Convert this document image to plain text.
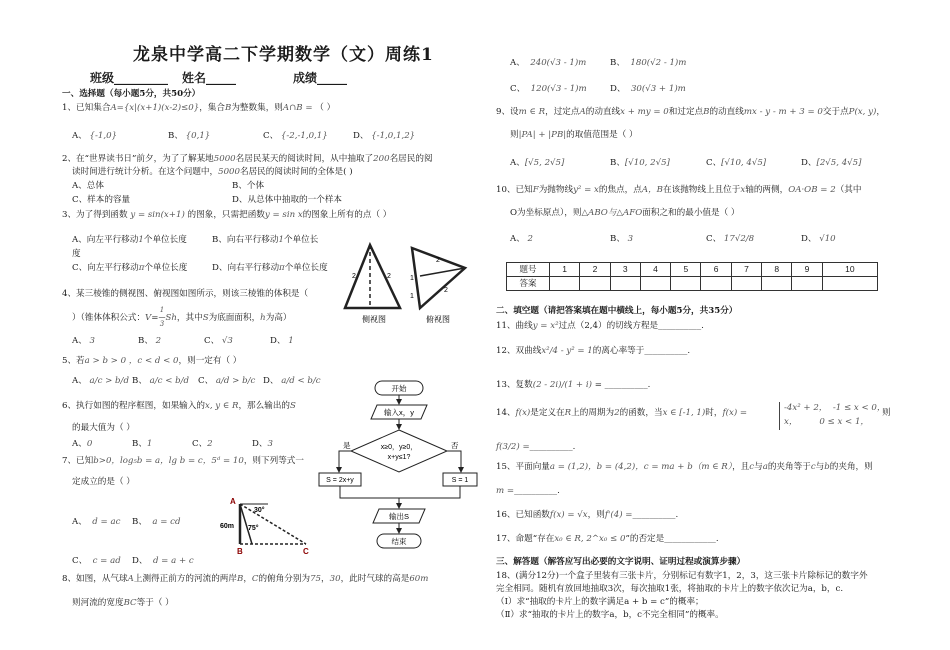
龙泉中学高二下学期数学（文）周练1
班级_________ 姓名_____	成绩_____
一、选择题（每小题5分，共50分）
1、已知集合A={x|(x+1)(x-2)≤0}，集合B为整数集，则A∩B = （ ）
A、 {-1,0}	B、 {0,1}	C、 {-2,-1,0,1}	D、 {-1,0,1,2}
2、在“世界读书日”前夕，为了了解某地5000名居民某天的阅读时间，从中抽取了200名居民的阅
读时间进行统计分析。在这个问题中，5000名居民的阅读时间的全体是( )
A、总体	B、个体
C、样本的容量	D、从总体中抽取的一个样本
3、为了得到函数 y = sin(x+1) 的图象，只需把函数y = sin x的图象上所有的点（ ）
A、向左平行移动1个单位长度	B、向右平行移动1个单位长
度
C、向左平行移动π个单位长度	D、向右平行移动π个单位长度
4、某三棱锥的侧视图、俯视图如图所示，则该三棱锥的体积是（
）（锥体体积公式：V=1
—
3Sh，其中S为底面面积，h为高）
A、 3	B、 2	C、 √3	D、 1
5、若a > b > 0 ，c < d < 0，则一定有（ ）
A、 a/c > b/d B、 a/c < b/d C、 a/d > b/c D、 a/d < b/c
6、执行如图的程序框图，如果输入的x, y ∈ R，那么输出的S
的最大值为（ ）
A、0	B、1	C、2	D、3
7、已知b>0，log₅b = a，lg b = c，5ᵈ = 10，则下列等式一
定成立的是（ ）
A、 d = ac B、 a = cd
C、 c = ad D、 d = a + c
8、如图，从气球A上测得正前方的河流的两岸B，C的俯角分别为75，30，此时气球的高是60m
则河流的宽度BC等于（ ）
2	2
2
2
1
1
侧视图	俯视图
开始
输入x，y
x≥0，y≥0，
x+y≤1?
是	否
S = 2x+y	S = 1
输出S
结束
A
B	C
60m
30°
75°
A、 240(√3 - 1)m	B、 180(√2 - 1)m
C、 120(√3 - 1)m	D、 30(√3 + 1)m
9、设m ∈ R，过定点A的动直线x + my = 0和过定点B的动直线mx - y - m + 3 = 0交于点P(x, y)，
则|PA| + |PB|的取值范围是（ ）
A、[√5, 2√5]	B、[√10, 2√5]	C、[√10, 4√5]	D、[2√5, 4√5]
10、已知F为抛物线y² = x的焦点，点A，B在该抛物线上且位于x轴的两侧，OA·OB = 2（其中
O为坐标原点），则△ABO与△AFO面积之和的最小值是（ ）
A、 2	B、 3	C、 17√2/8	D、 √10
题号	1	2	3	4	5	6	7	8	9	10
答案										
二、填空题（请把答案填在题中横线上，每小题5分，共35分）
11、曲线y = x²过点（2,4）的切线方程是__________.
12、双曲线x²/4 - y² = 1的离心率等于__________.
13、复数(2 - 2i)/(1 + i) = __________.
14、f(x)是定义在R上的周期为2的函数，当x ∈ [-1, 1)时，f(x) =	-4x² + 2， -1 ≤ x < 0，
x，	0 ≤ x < 1，
则
f(3/2) =__________.
15、平面向量a = (1,2)，b = (4,2)，c = ma + b（m ∈ R），且c与a的夹角等于c与b的夹角，则
m =__________.
16、已知函数f(x) = √x，则f'(4) =__________.
17、命题“存在x₀ ∈ R, 2^x₀ ≤ 0”的否定是____________.
三、解答题（解答应写出必要的文字说明、证明过程或演算步骤）
18、(满分12分)一个盒子里装有三张卡片，分别标记有数字1，2，3，这三张卡片除标记的数字外
完全相同。随机有放回地抽取3次，每次抽取1张，将抽取的卡片上的数字依次记为a，b，c.
（Ⅰ）求“抽取的卡片上的数字满足a + b = c”的概率；
（Ⅱ）求“抽取的卡片上的数字a，b，c不完全相同”的概率。
